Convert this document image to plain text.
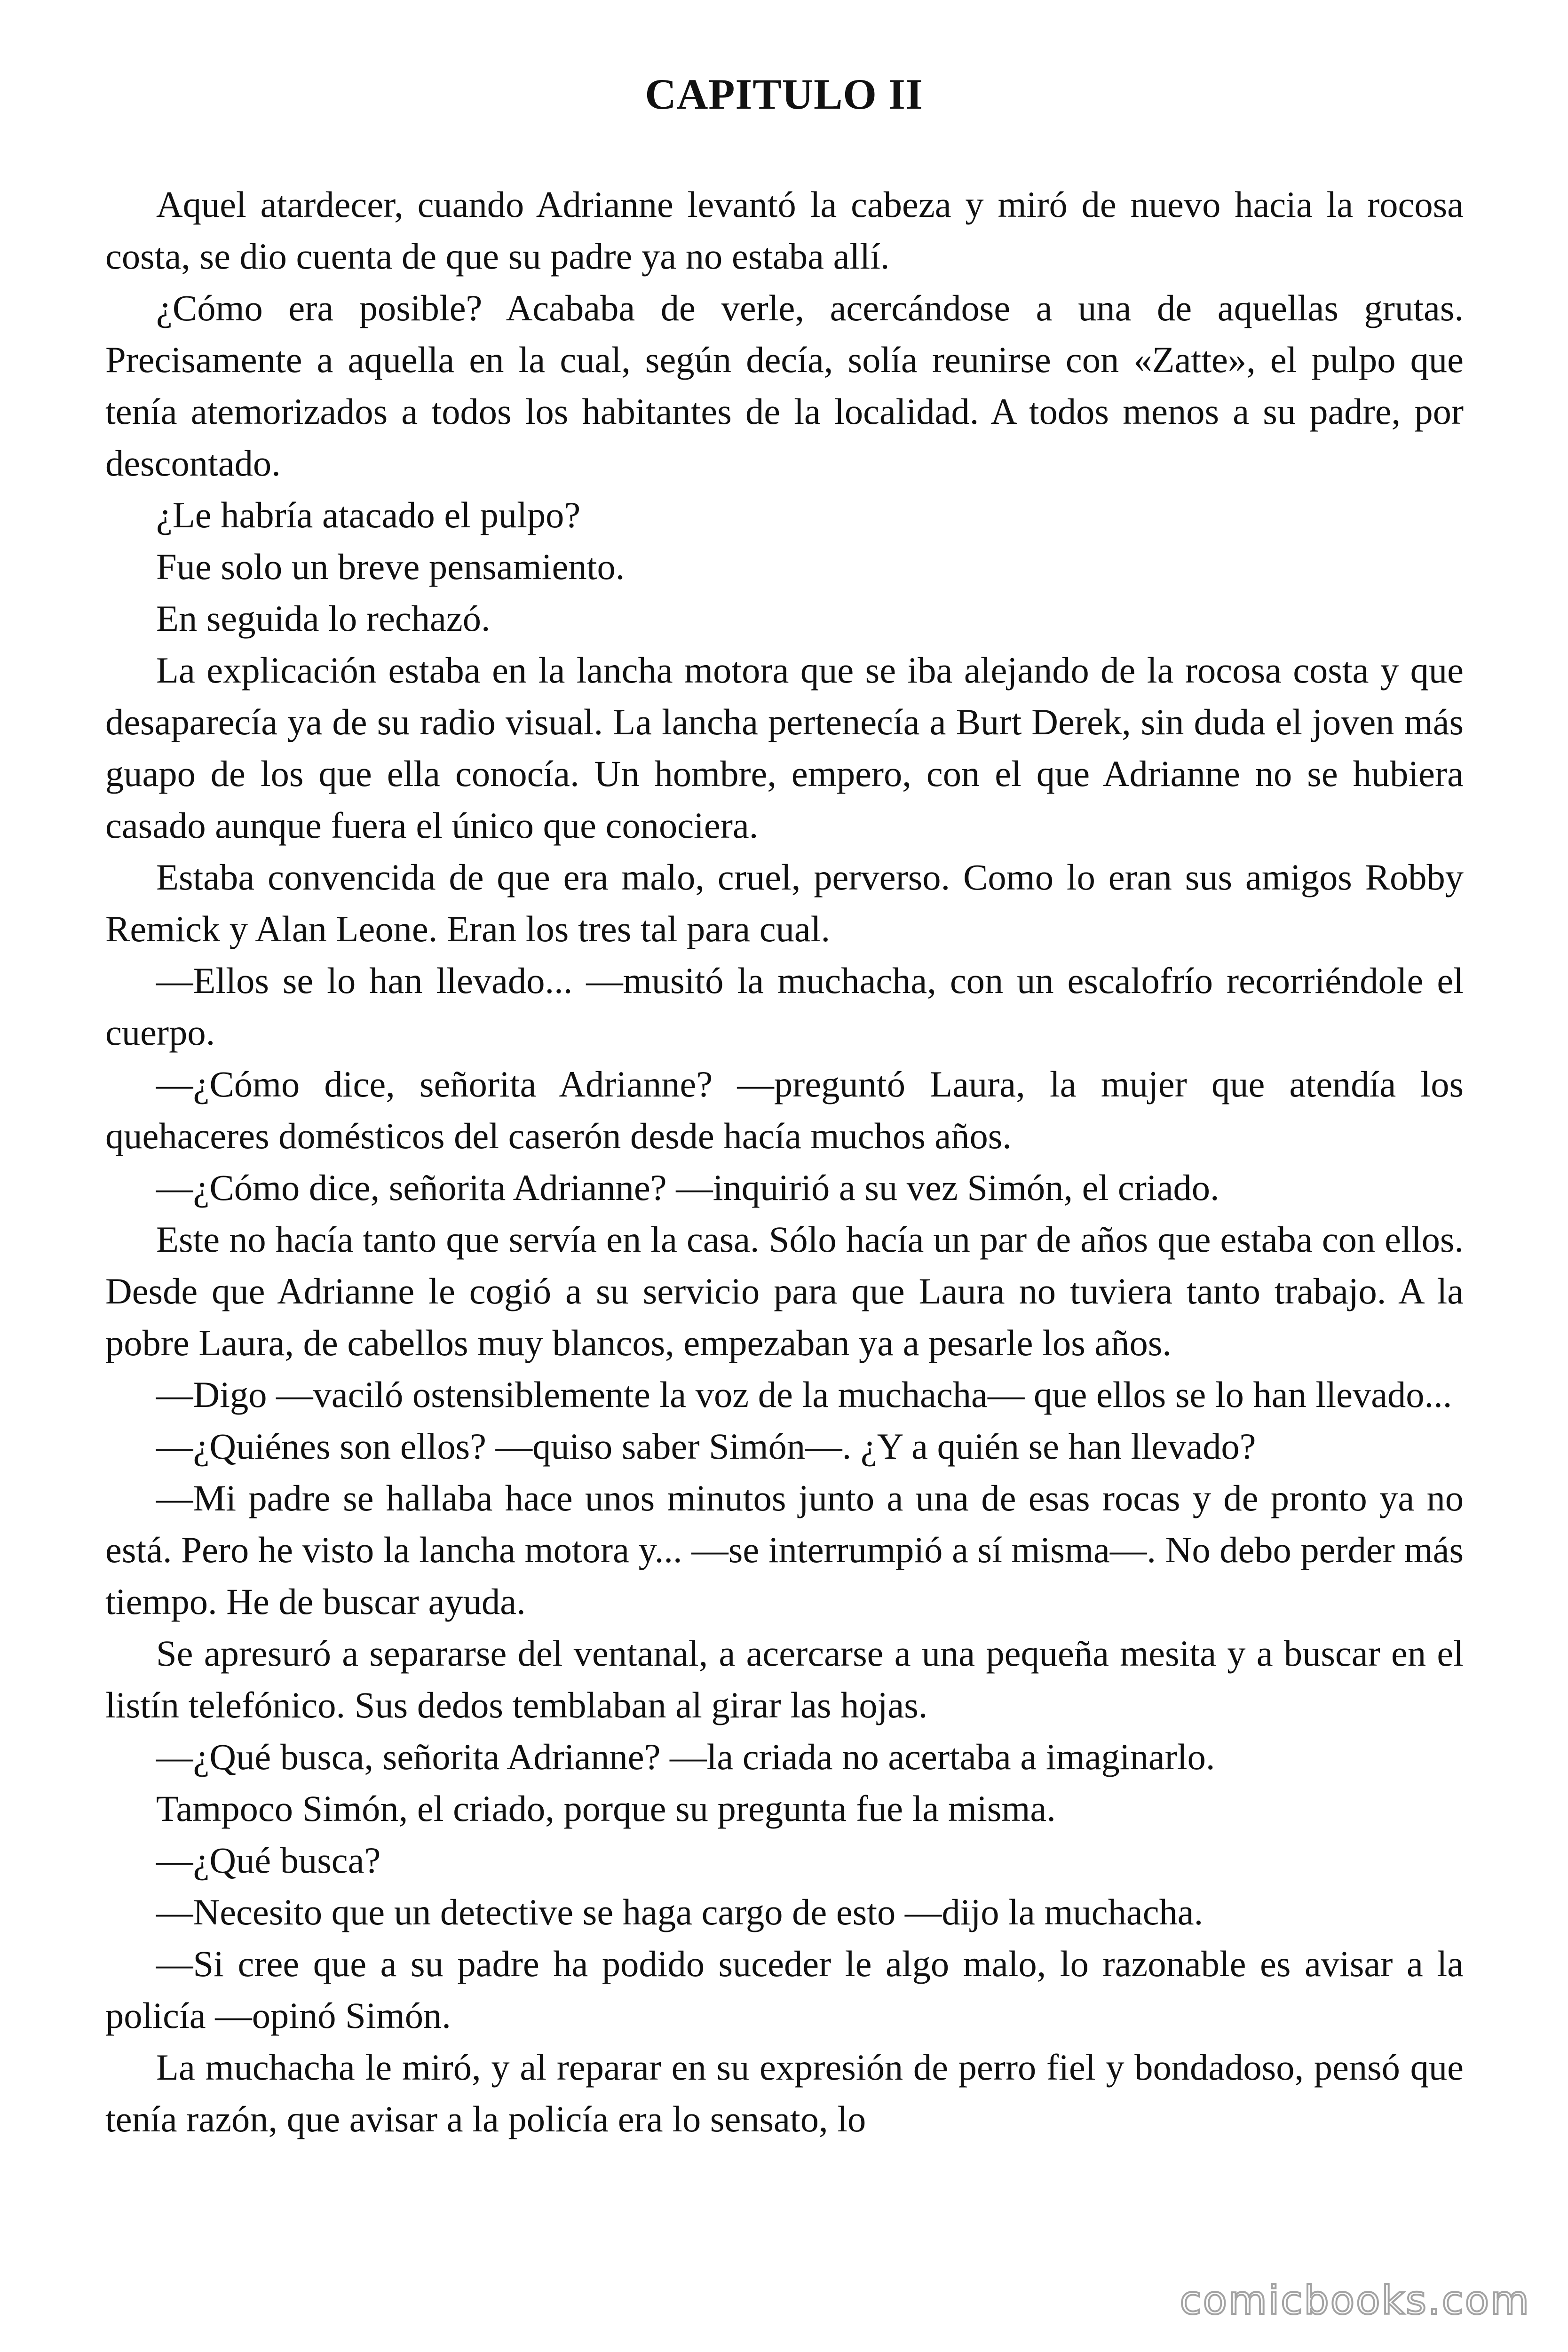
CAPITULO II

Aquel atardecer, cuando Adrianne levantó la cabeza y miró de nuevo hacia la rocosa costa, se dio cuenta de que su padre ya no estaba allí.

¿Cómo era posible? Acababa de verle, acercándose a una de aquellas grutas. Precisamente a aquella en la cual, según decía, solía reunirse con «Zatte», el pulpo que tenía atemorizados a todos los habitantes de la localidad. A todos menos a su padre, por descontado.

¿Le habría atacado el pulpo?

Fue solo un breve pensamiento.

En seguida lo rechazó.

La explicación estaba en la lancha motora que se iba alejando de la rocosa costa y que desaparecía ya de su radio visual. La lancha pertenecía a Burt Derek, sin duda el joven más guapo de los que ella conocía. Un hombre, empero, con el que Adrianne no se hubiera casado aunque fuera el único que conociera.

Estaba convencida de que era malo, cruel, perverso. Como lo eran sus amigos Robby Remick y Alan Leone. Eran los tres tal para cual.

—Ellos se lo han llevado... —musitó la muchacha, con un escalofrío recorriéndole el cuerpo.

—¿Cómo dice, señorita Adrianne? —preguntó Laura, la mujer que atendía los quehaceres domésticos del caserón desde hacía muchos años.

—¿Cómo dice, señorita Adrianne? —inquirió a su vez Simón, el criado.

Este no hacía tanto que servía en la casa. Sólo hacía un par de años que estaba con ellos. Desde que Adrianne le cogió a su servicio para que Laura no tuviera tanto trabajo. A la pobre Laura, de cabellos muy blancos, empezaban ya a pesarle los años.

—Digo —vaciló ostensiblemente la voz de la muchacha— que ellos se lo han llevado...

—¿Quiénes son ellos? —quiso saber Simón—. ¿Y a quién se han llevado?

—Mi padre se hallaba hace unos minutos junto a una de esas rocas y de pronto ya no está. Pero he visto la lancha motora y... —se interrumpió a sí misma—. No debo perder más tiempo. He de buscar ayuda.

Se apresuró a separarse del ventanal, a acercarse a una pequeña mesita y a buscar en el listín telefónico. Sus dedos temblaban al girar las hojas.

—¿Qué busca, señorita Adrianne? —la criada no acertaba a imaginarlo.

Tampoco Simón, el criado, porque su pregunta fue la misma.

—¿Qué busca?

—Necesito que un detective se haga cargo de esto —dijo la muchacha.

—Si cree que a su padre ha podido suceder le algo malo, lo razonable es avisar a la policía —opinó Simón.

La muchacha le miró, y al reparar en su expresión de perro fiel y bondadoso, pensó que tenía razón, que avisar a la policía era lo sensato, lo

comicbooks.com
